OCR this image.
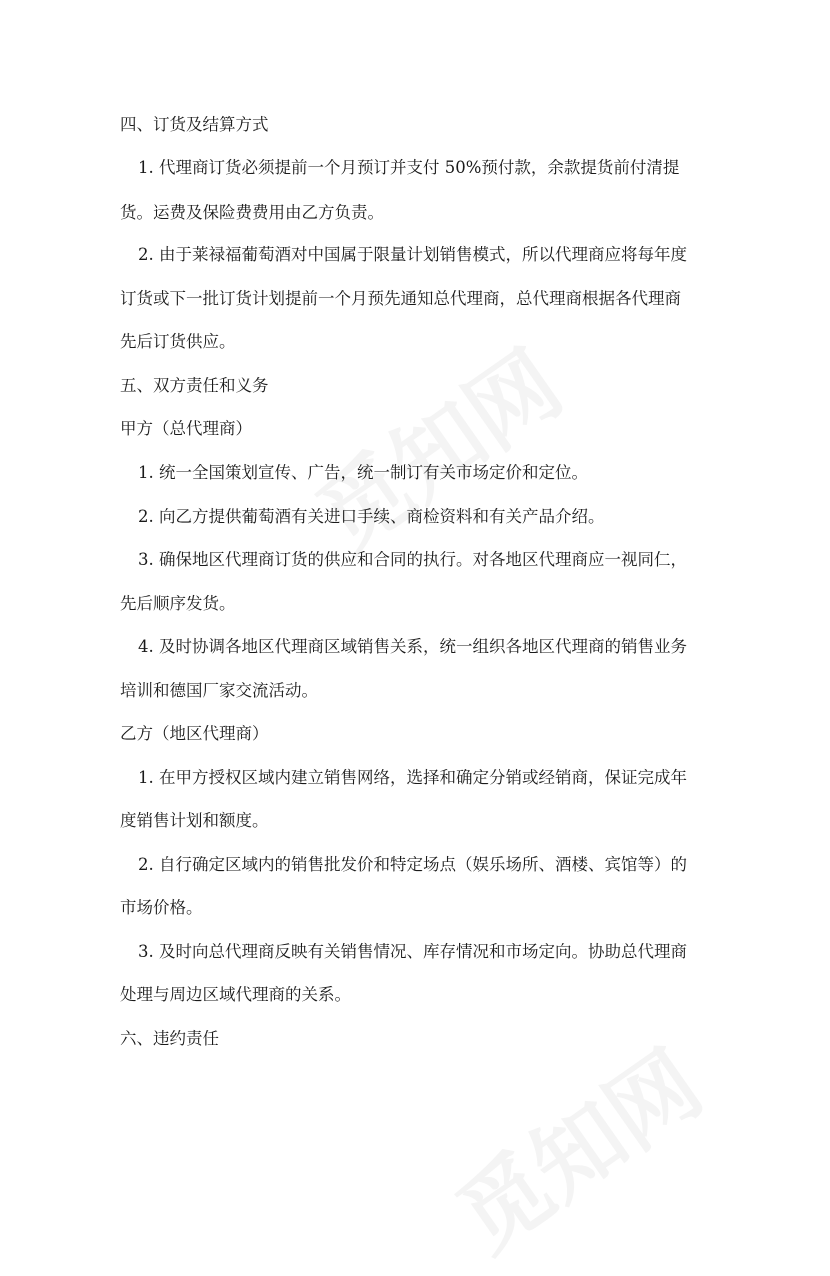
四、订货及结算方式
1. 代理商订货必须提前一个月预订并支付 50%预付款，余款提货前付清提
货。运费及保险费费用由乙方负责。
2. 由于莱禄福葡萄酒对中国属于限量计划销售模式，所以代理商应将每年度
订货或下一批订货计划提前一个月预先通知总代理商，总代理商根据各代理商
先后订货供应。
五、双方责任和义务
甲方（总代理商）
1. 统一全国策划宣传、广告，统一制订有关市场定价和定位。
2. 向乙方提供葡萄酒有关进口手续、商检资料和有关产品介绍。
3. 确保地区代理商订货的供应和合同的执行。对各地区代理商应一视同仁，
先后顺序发货。
4. 及时协调各地区代理商区域销售关系，统一组织各地区代理商的销售业务
培训和德国厂家交流活动。
乙方（地区代理商）
1. 在甲方授权区域内建立销售网络，选择和确定分销或经销商，保证完成年
度销售计划和额度。
2. 自行确定区域内的销售批发价和特定场点（娱乐场所、酒楼、宾馆等）的
市场价格。
3. 及时向总代理商反映有关销售情况、库存情况和市场定向。协助总代理商
处理与周边区域代理商的关系。
六、违约责任
